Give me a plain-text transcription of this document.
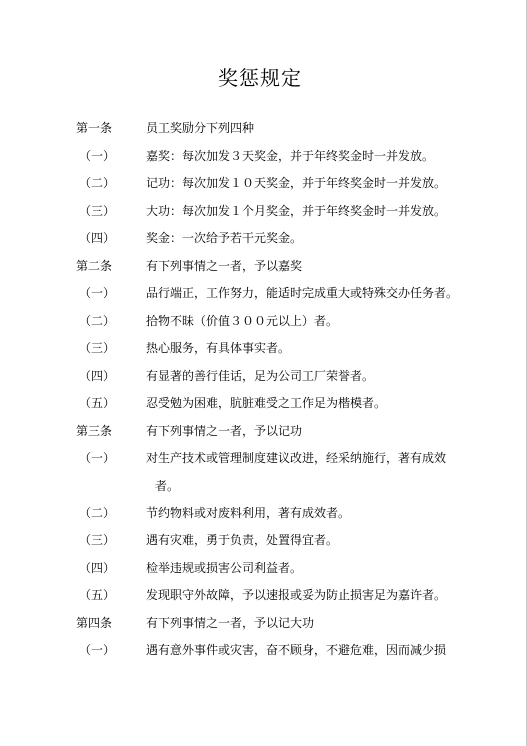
奖惩规定
第一条	员工奖励分下列四种
（一）	嘉奖：每次加发３天奖金，并于年终奖金时一并发放。
（二）	记功：每次加发１０天奖金，并于年终奖金时一并发放。
（三）	大功：每次加发１个月奖金，并于年终奖金时一并发放。
（四）	奖金：一次给予若干元奖金。
第二条	有下列事情之一者，予以嘉奖
（一）	品行端正，工作努力，能适时完成重大或特殊交办任务者。
（二）	拾物不昧（价值３００元以上）者。
（三）	热心服务，有具体事实者。
（四）	有显著的善行佳话，足为公司工厂荣誉者。
（五）	忍受勉为困难，肮脏难受之工作足为楷模者。
第三条	有下列事情之一者，予以记功
（一）	对生产技术或管理制度建议改进，经采纳施行，著有成效
者。
（二）	节约物料或对废料利用，著有成效者。
（三）	遇有灾难，勇于负责，处置得宜者。
（四）	检举违规或损害公司利益者。
（五）	发现职守外故障，予以速报或妥为防止损害足为嘉许者。
第四条	有下列事情之一者，予以记大功
（一）	遇有意外事件或灾害，奋不顾身，不避危难，因而减少损
